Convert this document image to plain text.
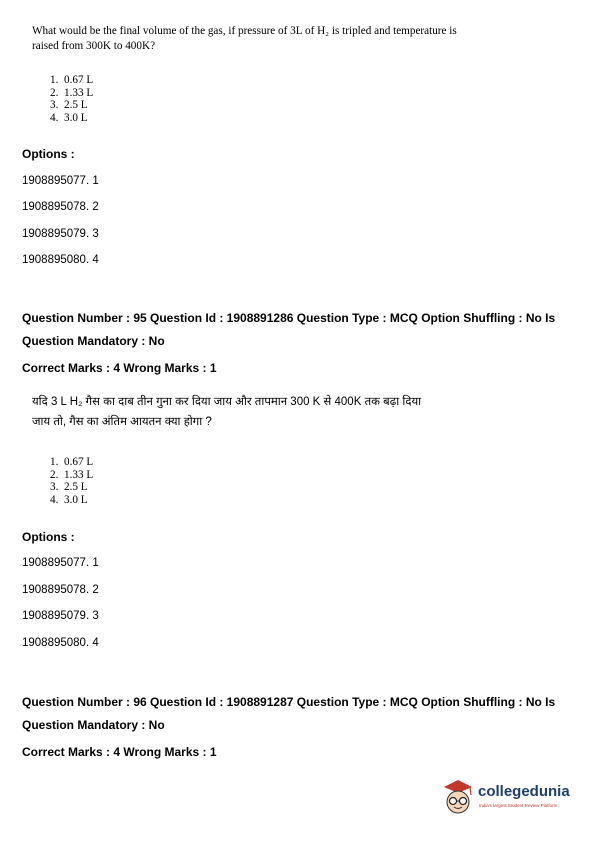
What would be the final volume of the gas, if pressure of 3L of H₂ is tripled and temperature is
raised from 300K to 400K?
1. 0.67 L
2. 1.33 L
3. 2.5 L
4. 3.0 L
Options :
1908895077. 1
1908895078. 2
1908895079. 3
1908895080. 4
Question Number : 95 Question Id : 1908891286 Question Type : MCQ Option Shuffling : No Is
Question Mandatory : No
Correct Marks : 4 Wrong Marks : 1
यदि 3 L H₂ गैस का दाब तीन गुना कर दिया जाय और तापमान 300 K से 400K तक बढ़ा दिया
जाय तो, गैस का अंतिम आयतन क्या होगा ?
1. 0.67 L
2. 1.33 L
3. 2.5 L
4. 3.0 L
Options :
1908895077. 1
1908895078. 2
1908895079. 3
1908895080. 4
Question Number : 96 Question Id : 1908891287 Question Type : MCQ Option Shuffling : No Is
Question Mandatory : No
Correct Marks : 4 Wrong Marks : 1
collegedunia
India's largest Student Review Platform
